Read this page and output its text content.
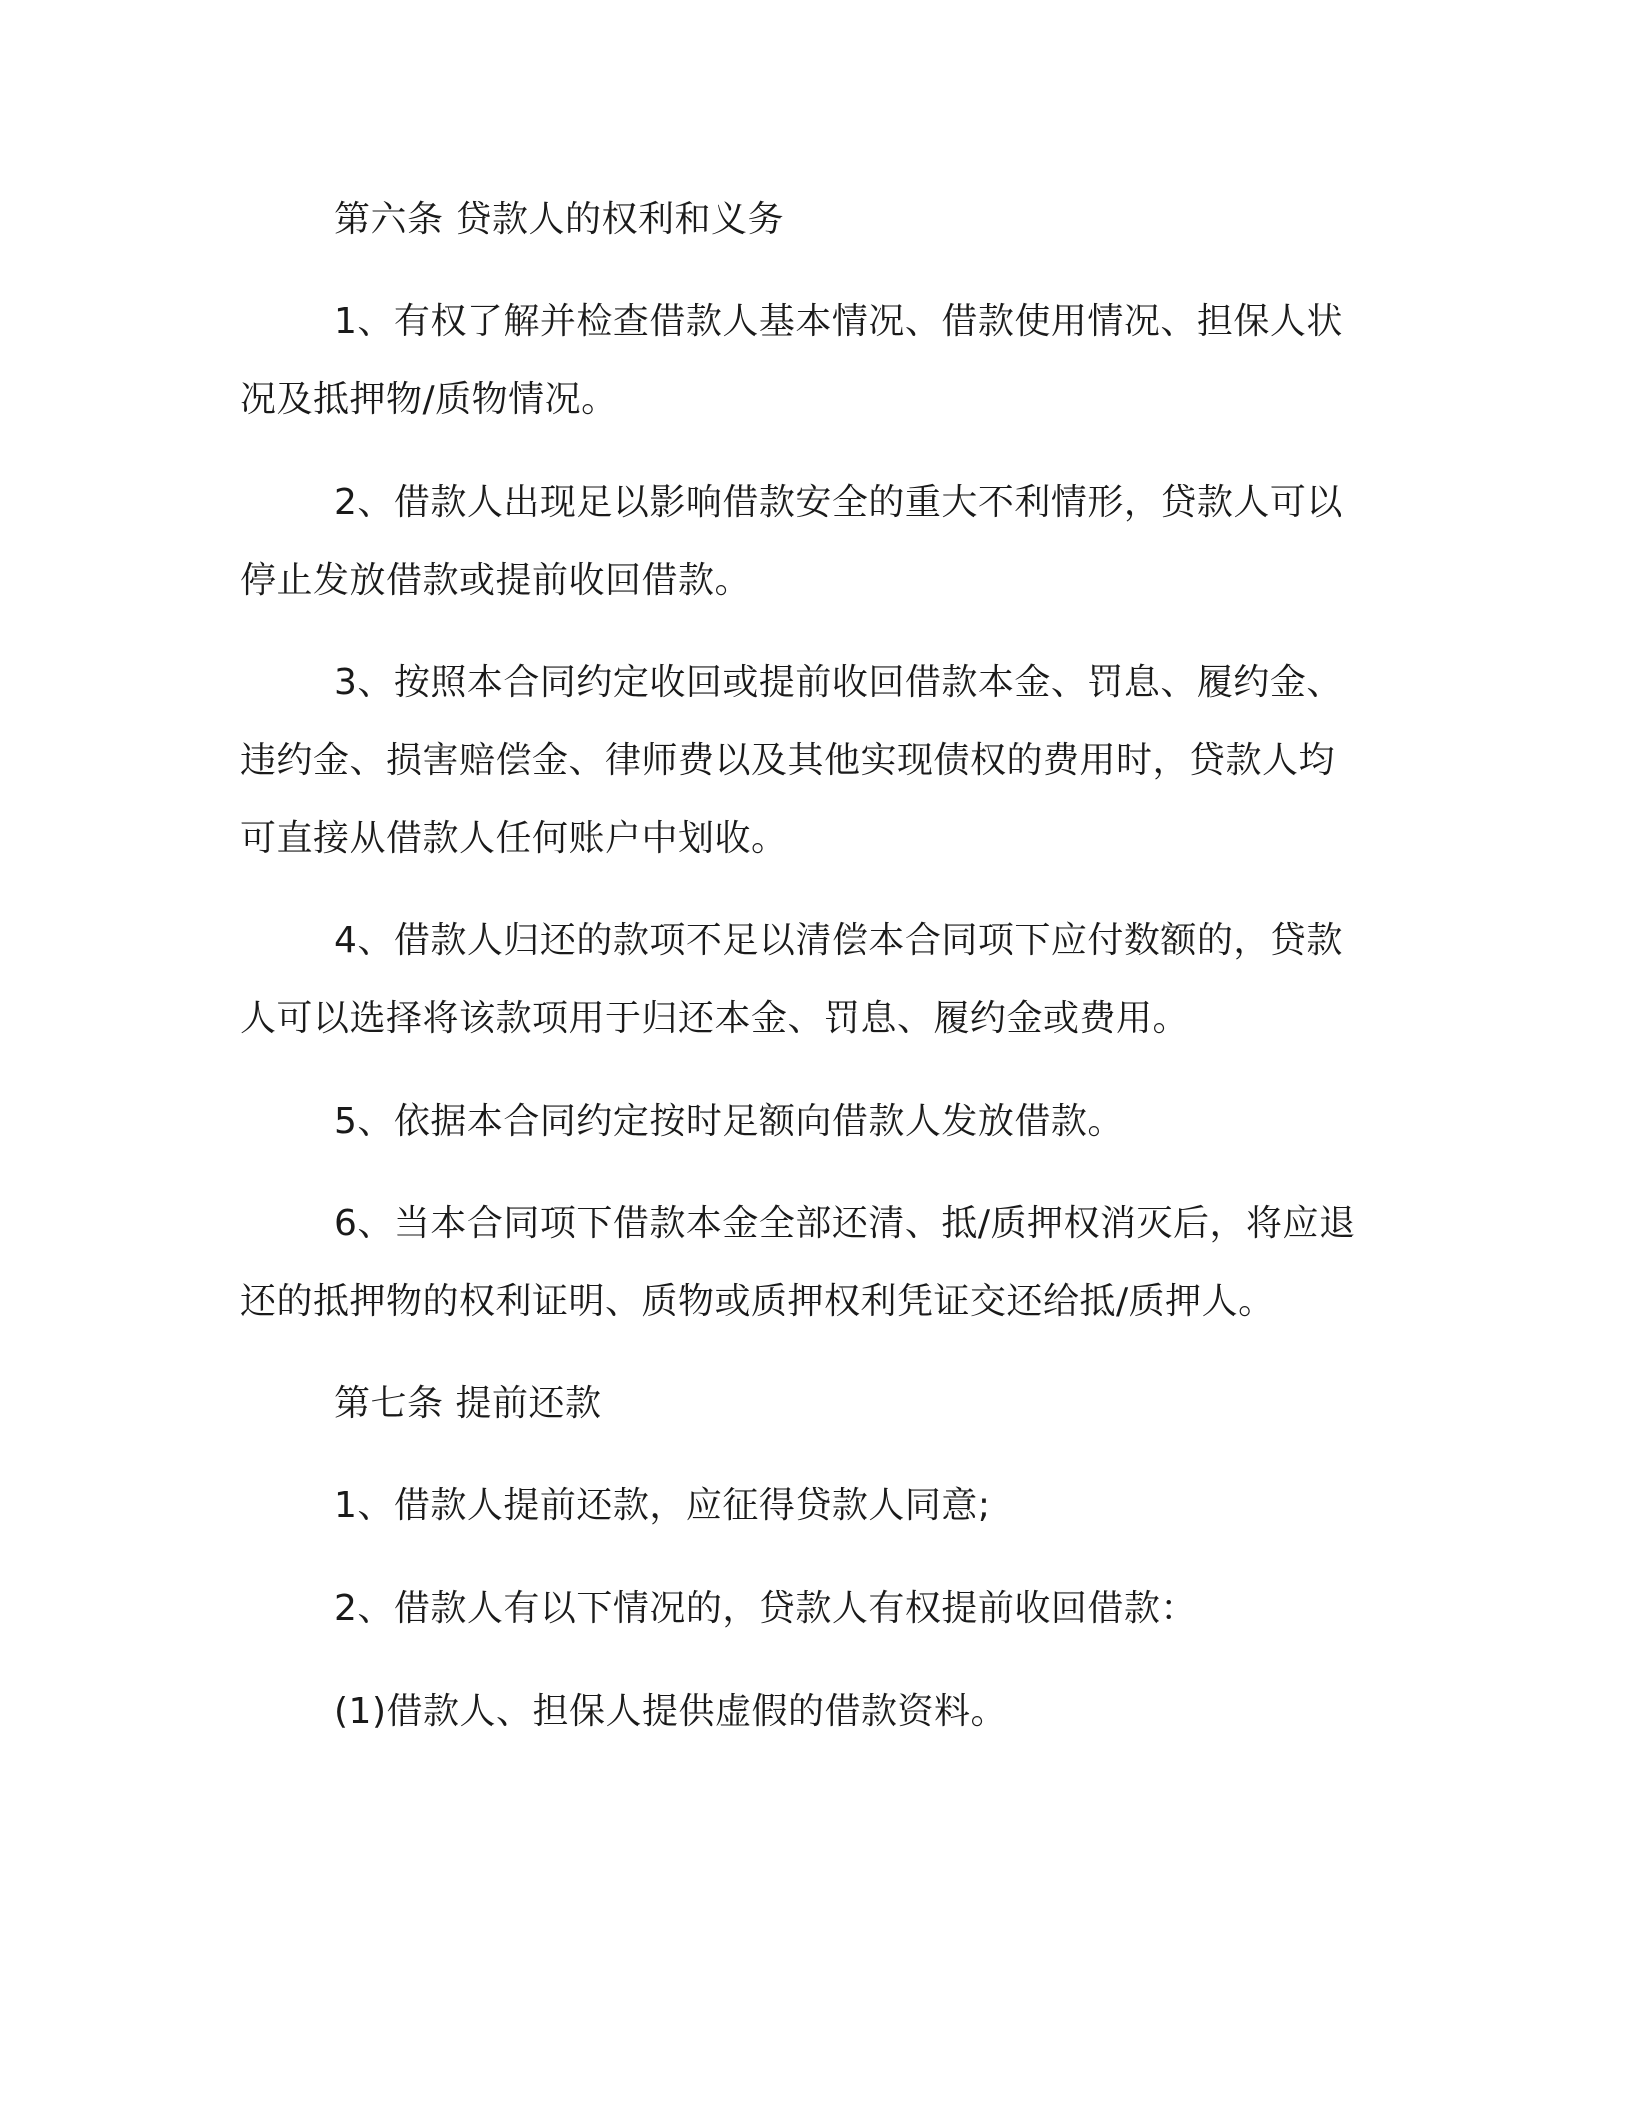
第六条 贷款人的权利和义务
1、有权了解并检查借款人基本情况、借款使用情况、担保人状
况及抵押物/质物情况。
2、借款人出现足以影响借款安全的重大不利情形，贷款人可以
停止发放借款或提前收回借款。
3、按照本合同约定收回或提前收回借款本金、罚息、履约金、
违约金、损害赔偿金、律师费以及其他实现债权的费用时，贷款人均
可直接从借款人任何账户中划收。
4、借款人归还的款项不足以清偿本合同项下应付数额的，贷款
人可以选择将该款项用于归还本金、罚息、履约金或费用。
5、依据本合同约定按时足额向借款人发放借款。
6、当本合同项下借款本金全部还清、抵/质押权消灭后，将应退
还的抵押物的权利证明、质物或质押权利凭证交还给抵/质押人。
第七条 提前还款
1、借款人提前还款，应征得贷款人同意;
2、借款人有以下情况的，贷款人有权提前收回借款：
(1)借款人、担保人提供虚假的借款资料。
